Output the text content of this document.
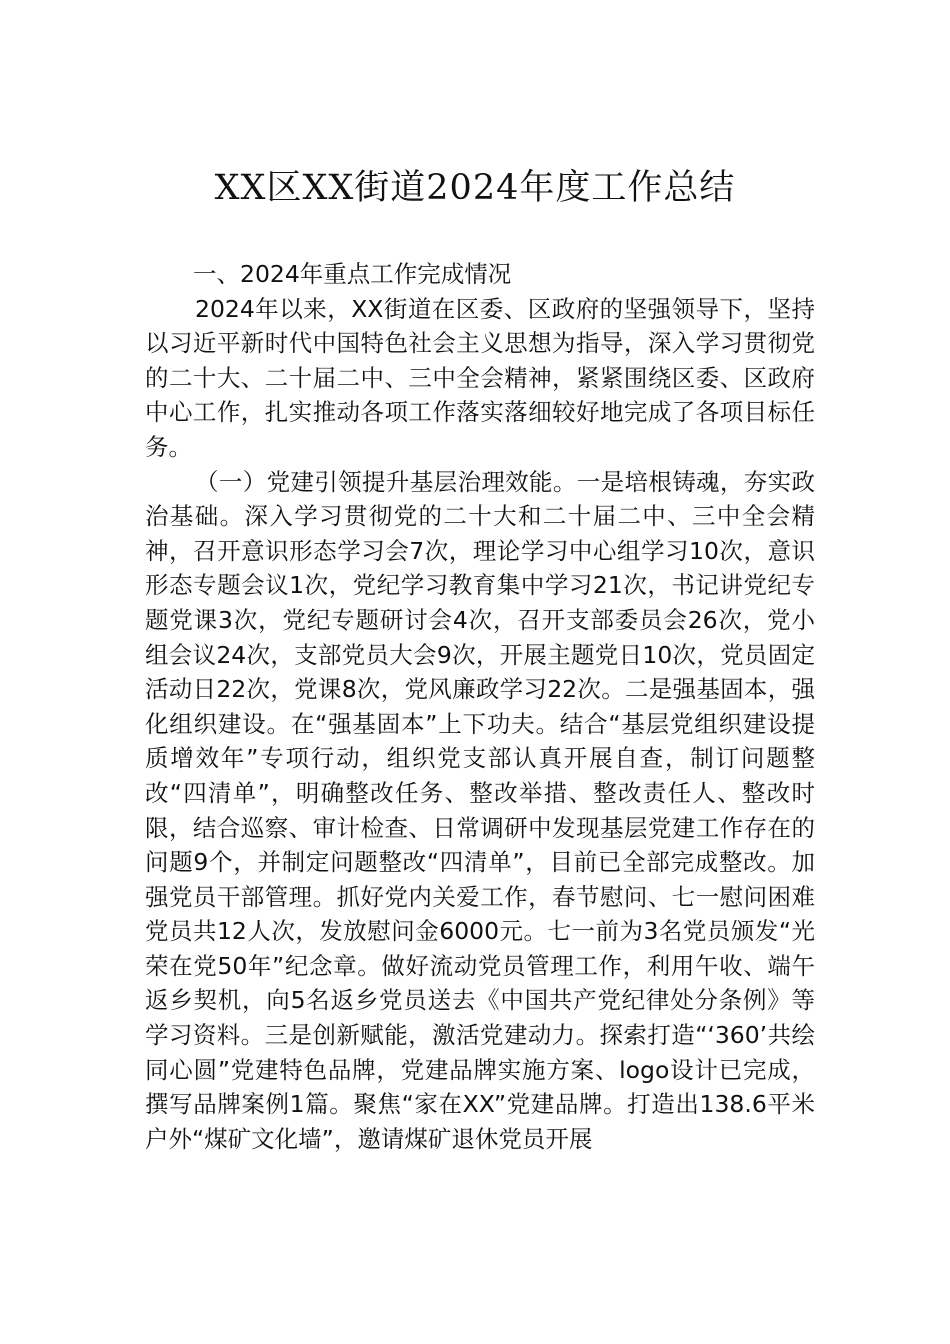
XX区XX街道2024年度工作总结
一、2024年重点工作完成情况

2024年以来，XX街道在区委、区政府的坚强领导下，坚持以习近平新时代中国特色社会主义思想为指导，深入学习贯彻党的二十大、二十届二中、三中全会精神，紧紧围绕区委、区政府中心工作，扎实推动各项工作落实落细较好地完成了各项目标任务。

（一）党建引领提升基层治理效能。一是培根铸魂，夯实政治基础。深入学习贯彻党的二十大和二十届二中、三中全会精神，召开意识形态学习会7次，理论学习中心组学习10次，意识形态专题会议1次，党纪学习教育集中学习21次，书记讲党纪专题党课3次，党纪专题研讨会4次，召开支部委员会26次，党小组会议24次，支部党员大会9次，开展主题党日10次，党员固定活动日22次，党课8次，党风廉政学习22次。二是强基固本，强化组织建设。在“强基固本”上下功夫。结合“基层党组织建设提质增效年”专项行动，组织党支部认真开展自查，制订问题整改“四清单”，明确整改任务、整改举措、整改责任人、整改时限，结合巡察、审计检查、日常调研中发现基层党建工作存在的问题9个，并制定问题整改“四清单”，目前已全部完成整改。加强党员干部管理。抓好党内关爱工作，春节慰问、七一慰问困难党员共12人次，发放慰问金6000元。七一前为3名党员颁发“光荣在党50年”纪念章。做好流动党员管理工作，利用午收、端午返乡契机，向5名返乡党员送去《中国共产党纪律处分条例》等学习资料。三是创新赋能，激活党建动力。探索打造“‘360’共绘同心圆”党建特色品牌，党建品牌实施方案、logo设计已完成，撰写品牌案例1篇。聚焦“家在XX”党建品牌。打造出138.6平米户外“煤矿文化墙”，邀请煤矿退休党员开展
